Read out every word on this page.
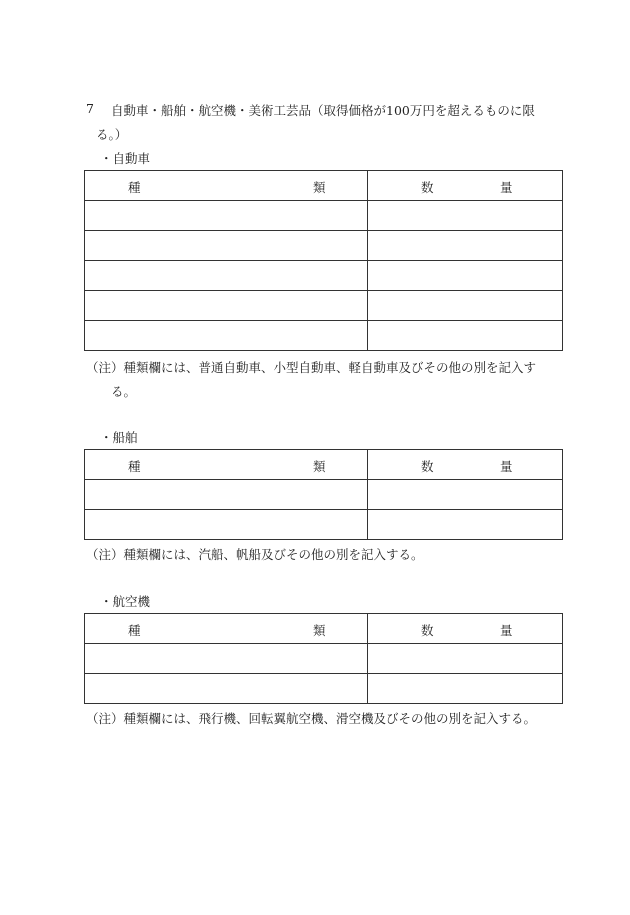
7 自動車・船舶・航空機・美術工芸品（取得価格が100万円を超えるものに限
る。）
・自動車
種 類	数 量

（注）種類欄には、普通自動車、小型自動車、軽自動車及びその他の別を記入す
る。
・船舶
種 類	数 量

（注）種類欄には、汽船、帆船及びその他の別を記入する。
・航空機
種 類	数 量

（注）種類欄には、飛行機、回転翼航空機、滑空機及びその他の別を記入する。
